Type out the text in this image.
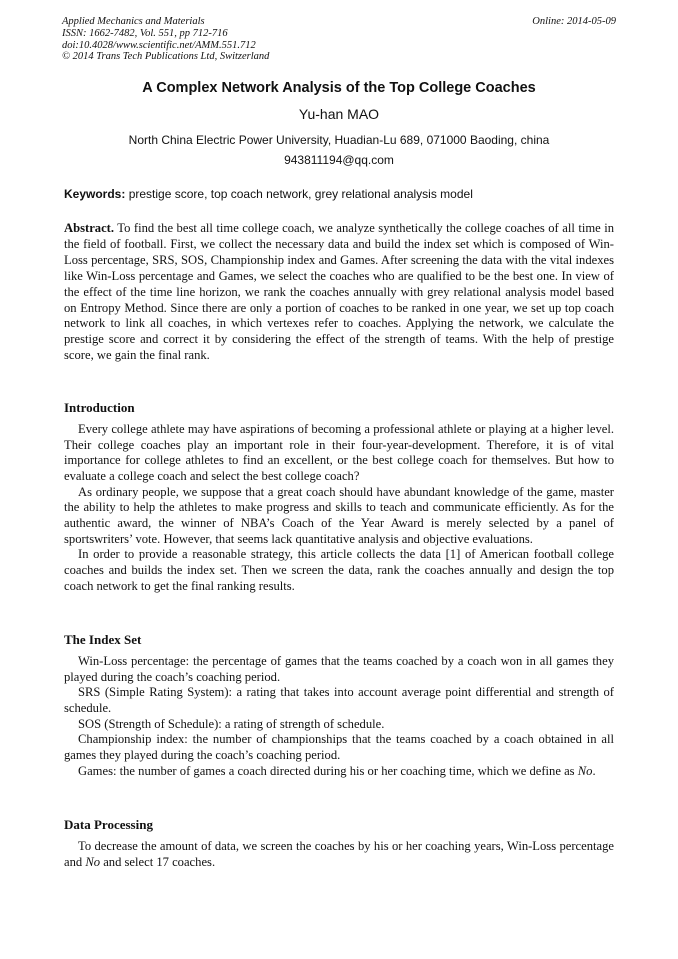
Applied Mechanics and Materials
ISSN: 1662-7482, Vol. 551, pp 712-716
doi:10.4028/www.scientific.net/AMM.551.712
© 2014 Trans Tech Publications Ltd, Switzerland
Online: 2014-05-09
A Complex Network Analysis of the Top College Coaches
Yu-han MAO
North China Electric Power University, Huadian-Lu 689, 071000 Baoding, china
943811194@qq.com
Keywords: prestige score, top coach network, grey relational analysis model

Abstract. To find the best all time college coach, we analyze synthetically the college coaches of all time in the field of football. First, we collect the necessary data and build the index set which is composed of Win-Loss percentage, SRS, SOS, Championship index and Games. After screening the data with the vital indexes like Win-Loss percentage and Games, we select the coaches who are qualified to be the best one. In view of the effect of the time line horizon, we rank the coaches annually with grey relational analysis model based on Entropy Method. Since there are only a portion of coaches to be ranked in one year, we set up top coach network to link all coaches, in which vertexes refer to coaches. Applying the network, we calculate the prestige score and correct it by considering the effect of the strength of teams. With the help of prestige score, we gain the final rank.

Introduction

Every college athlete may have aspirations of becoming a professional athlete or playing at a higher level. Their college coaches play an important role in their four-year-development. Therefore, it is of vital importance for college athletes to find an excellent, or the best college coach for themselves. But how to evaluate a college coach and select the best college coach?

As ordinary people, we suppose that a great coach should have abundant knowledge of the game, master the ability to help the athletes to make progress and skills to teach and communicate efficiently. As for the authentic award, the winner of NBA’s Coach of the Year Award is merely selected by a panel of sportswriters’ vote. However, that seems lack quantitative analysis and objective evaluations.

In order to provide a reasonable strategy, this article collects the data [1] of American football college coaches and builds the index set. Then we screen the data, rank the coaches annually and design the top coach network to get the final ranking results.

The Index Set

Win-Loss percentage: the percentage of games that the teams coached by a coach won in all games they played during the coach’s coaching period.

SRS (Simple Rating System): a rating that takes into account average point differential and strength of schedule.

SOS (Strength of Schedule): a rating of strength of schedule.

Championship index: the number of championships that the teams coached by a coach obtained in all games they played during the coach’s coaching period.

Games: the number of games a coach directed during his or her coaching time, which we define as No.

Data Processing

To decrease the amount of data, we screen the coaches by his or her coaching years, Win-Loss percentage and No and select 17 coaches.
